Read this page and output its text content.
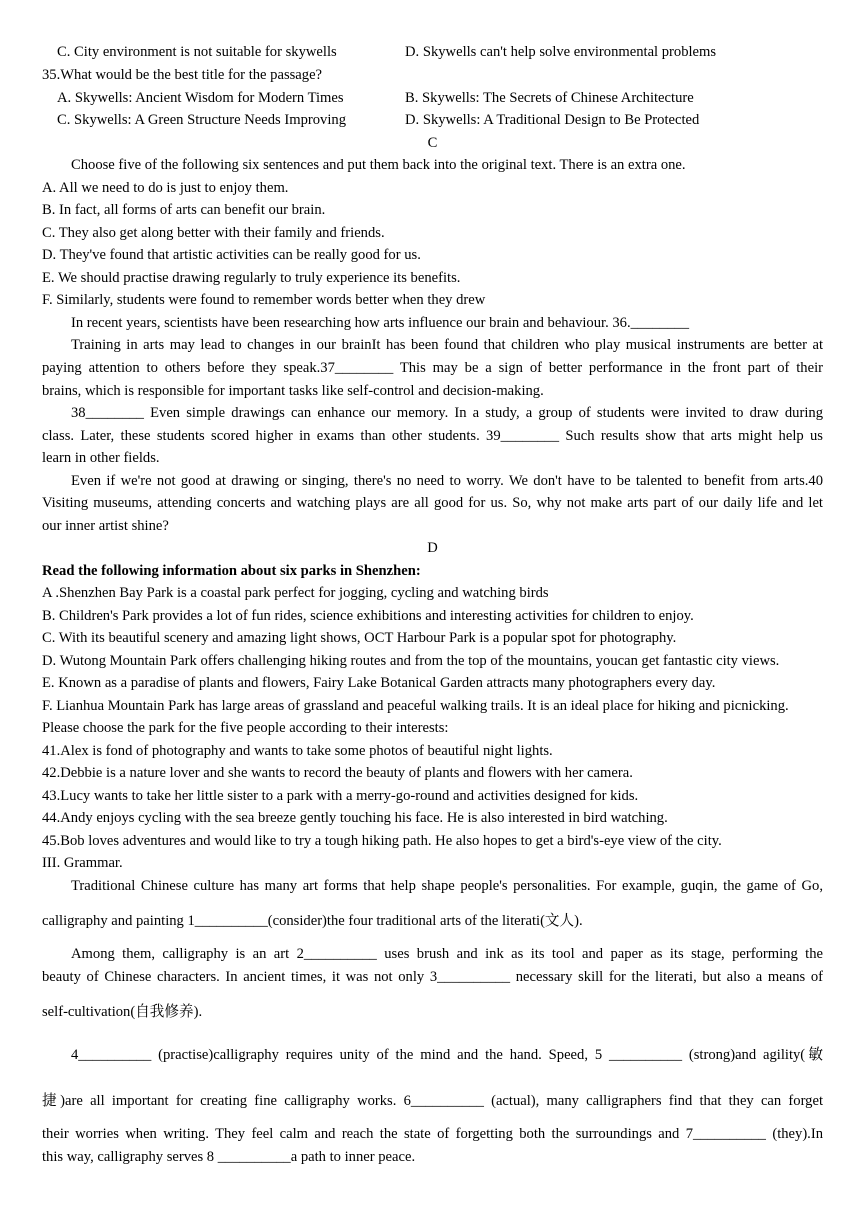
C. City environment is not suitable for skywells	D. Skywells can't help solve environmental problems
35.What would be the best title for the passage?
A. Skywells: Ancient Wisdom for Modern Times	B. Skywells: The Secrets of Chinese Architecture
C. Skywells: A Green Structure Needs Improving	D. Skywells: A Traditional Design to Be Protected
C
Choose five of the following six sentences and put them back into the original text. There is an extra one.
A. All we need to do is just to enjoy them.
B. In fact, all forms of arts can benefit our brain.
C. They also get along better with their family and friends.
D. They've found that artistic activities can be really good for us.
E. We should practise drawing regularly to truly experience its benefits.
F. Similarly, students were found to remember words better when they drew
In recent years, scientists have been researching how arts influence our brain and behaviour. 36.________
Training in arts may lead to changes in our brainIt has been found that children who play musical instruments are better at
paying attention to others before they speak.37________ This may be a sign of better performance in the front part of their
brains, which is responsible for important tasks like self-control and decision-making.
38________ Even simple drawings can enhance our memory. In a study, a group of students were invited to draw during
class. Later, these students scored higher in exams than other students. 39________ Such results show that arts might help us
learn in other fields.
Even if we're not good at drawing or singing, there's no need to worry. We don't have to be talented to benefit from arts.40
Visiting museums, attending concerts and watching plays are all good for us. So, why not make arts part of our daily life and let
our inner artist shine?
D
Read the following information about six parks in Shenzhen:
A .Shenzhen Bay Park is a coastal park perfect for jogging, cycling and watching birds
B. Children's Park provides a lot of fun rides, science exhibitions and interesting activities for children to enjoy.
C. With its beautiful scenery and amazing light shows, OCT Harbour Park is a popular spot for photography.
D. Wutong Mountain Park offers challenging hiking routes and from the top of the mountains, youcan get fantastic city views.
E. Known as a paradise of plants and flowers, Fairy Lake Botanical Garden attracts many photographers every day.
F. Lianhua Mountain Park has large areas of grassland and peaceful walking trails. It is an ideal place for hiking and picnicking.
Please choose the park for the five people according to their interests:
41.Alex is fond of photography and wants to take some photos of beautiful night lights.
42.Debbie is a nature lover and she wants to record the beauty of plants and flowers with her camera.
43.Lucy wants to take her little sister to a park with a merry-go-round and activities designed for kids.
44.Andy enjoys cycling with the sea breeze gently touching his face. He is also interested in bird watching.
45.Bob loves adventures and would like to try a tough hiking path. He also hopes to get a bird's-eye view of the city.
III. Grammar.
Traditional Chinese culture has many art forms that help shape people's personalities. For example, guqin, the game of Go,
calligraphy and painting 1__________(consider)the four traditional arts of the literati(文人).
Among them, calligraphy is an art 2__________ uses brush and ink as its tool and paper as its stage, performing the
beauty of Chinese characters. In ancient times, it was not only 3__________ necessary skill for the literati, but also a means of
self-cultivation(自我修养).
4__________ (practise)calligraphy requires unity of the mind and the hand. Speed, 5 __________ (strong)and agility(敏
捷)are all important for creating fine calligraphy works. 6__________ (actual), many calligraphers find that they can forget
their worries when writing. They feel calm and reach the state of forgetting both the surroundings and 7__________ (they).In
this way, calligraphy serves 8 __________a path to inner peace.
